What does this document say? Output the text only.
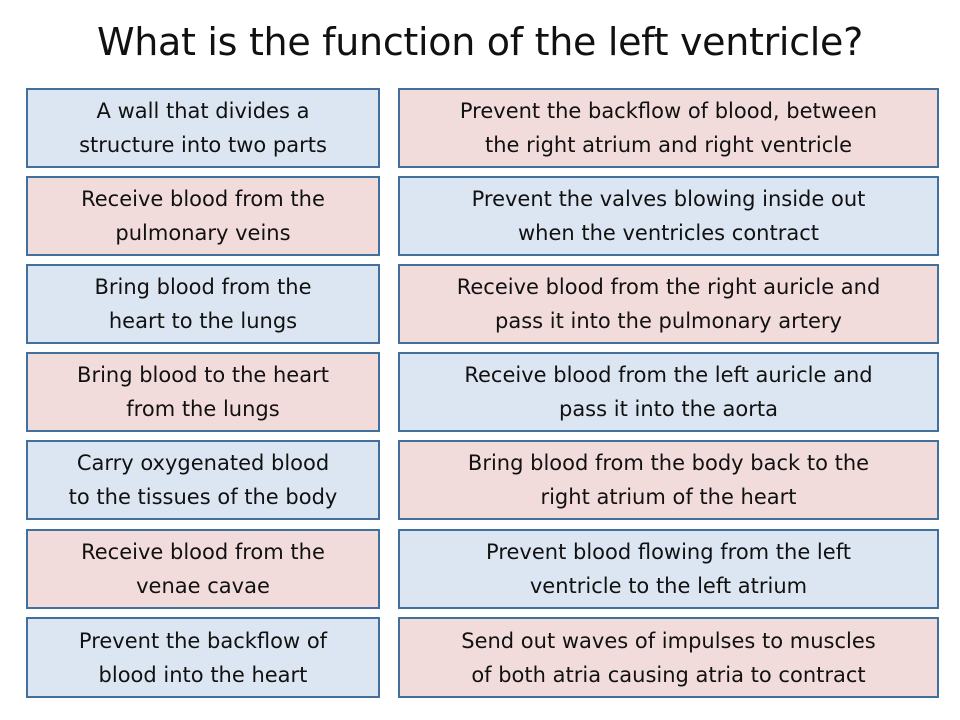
What is the function of the left ventricle?
A wall that divides a
structure into two parts
Receive blood from the
pulmonary veins
Bring blood from the
heart to the lungs
Bring blood to the heart
from the lungs
Carry oxygenated blood
to the tissues of the body
Receive blood from the
venae cavae
Prevent the backflow of
blood into the heart
Prevent the backflow of blood, between
the right atrium and right ventricle
Prevent the valves blowing inside out
when the ventricles contract
Receive blood from the right auricle and
pass it into the pulmonary artery
Receive blood from the left auricle and
pass it into the aorta
Bring blood from the body back to the
right atrium of the heart
Prevent blood flowing from the left
ventricle to the left atrium
Send out waves of impulses to muscles
of both atria causing atria to contract
